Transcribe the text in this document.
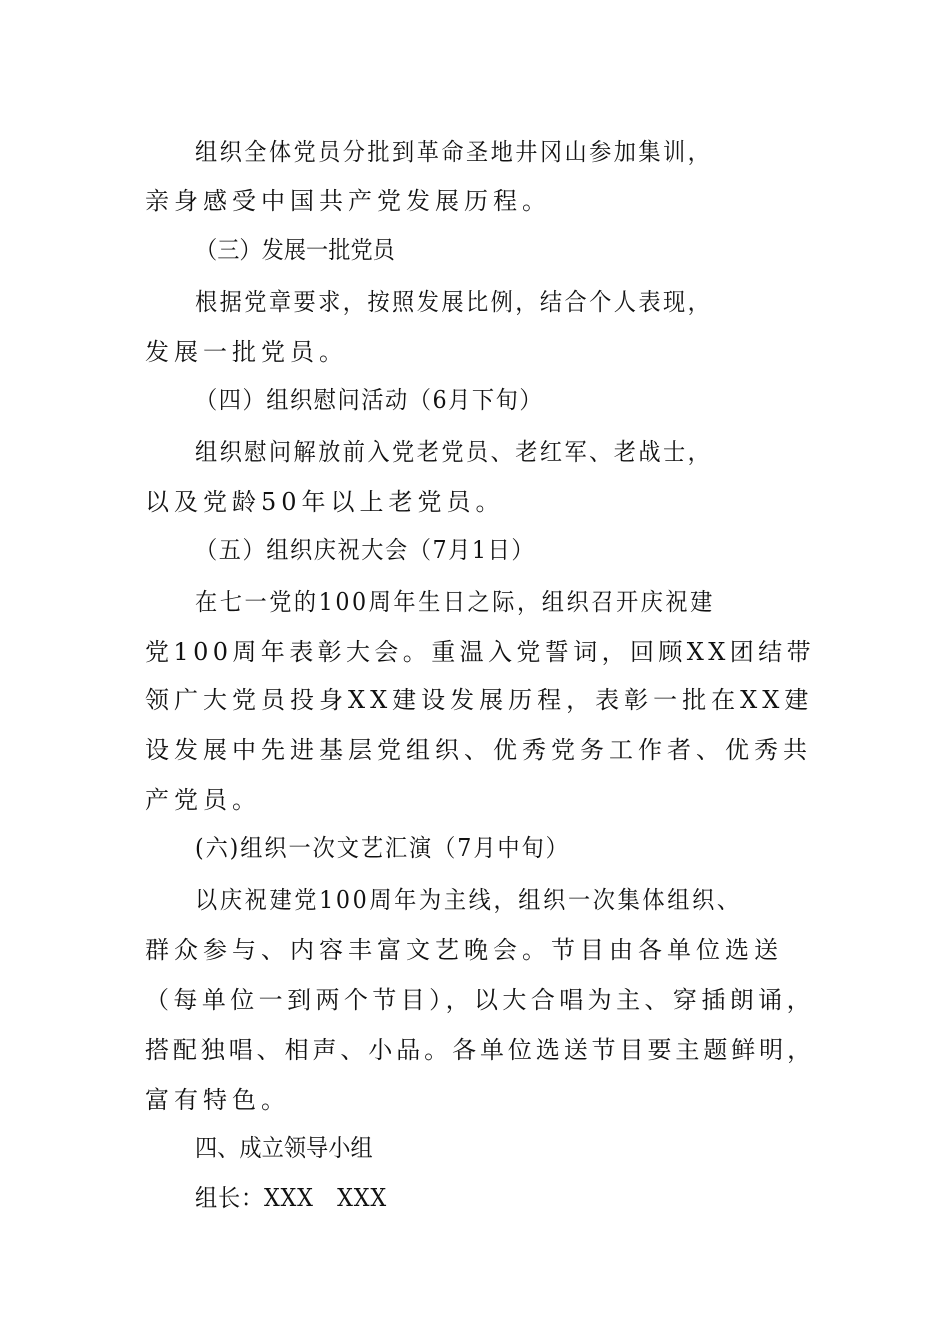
组织全体党员分批到革命圣地井冈山参加集训，
亲身感受中国共产党发展历程。
（三）发展一批党员
根据党章要求，按照发展比例，结合个人表现，
发展一批党员。
（四）组织慰问活动（6月下旬）
组织慰问解放前入党老党员、老红军、老战士，
以及党龄50年以上老党员。
（五）组织庆祝大会（7月1日）
在七一党的100周年生日之际，组织召开庆祝建
党100周年表彰大会。重温入党誓词，回顾XX团结带
领广大党员投身XX建设发展历程，表彰一批在XX建
设发展中先进基层党组织、优秀党务工作者、优秀共
产党员。
(六)组织一次文艺汇演（7月中旬）
以庆祝建党100周年为主线，组织一次集体组织、
群众参与、内容丰富文艺晚会。节目由各单位选送
（每单位一到两个节目），以大合唱为主、穿插朗诵，
搭配独唱、相声、小品。各单位选送节目要主题鲜明，
富有特色。
四、成立领导小组
组长：XXX   XXX
